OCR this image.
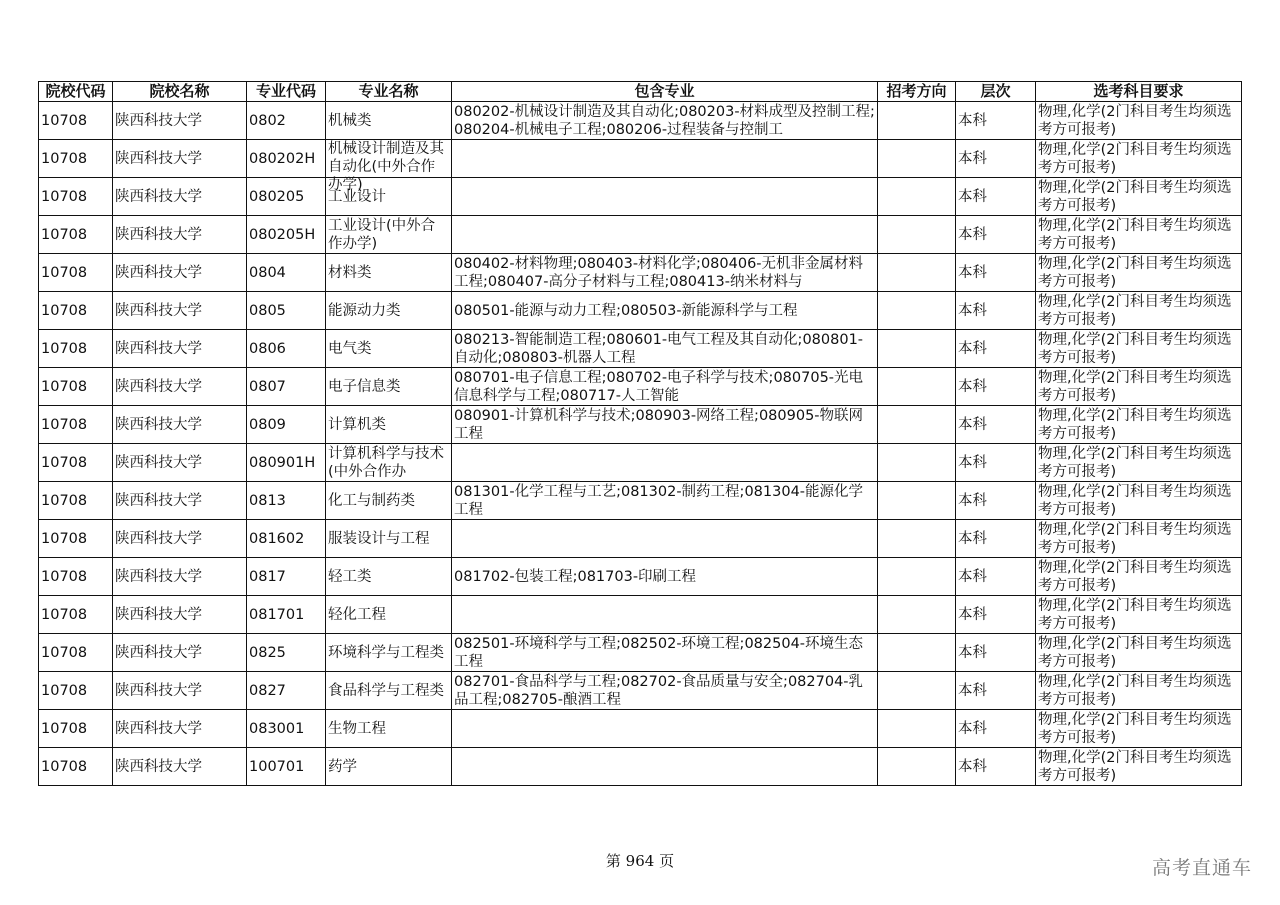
院校代码	院校名称	专业代码	专业名称	包含专业	招考方向	层次	选考科目要求

10708	陕西科技大学	0802	机械类	080202-机械设计制造及其自动化;080203-材料成型及控制工程;080204-机械电子工程;080206-过程装备与控制工		本科	物理,化学(2门科目考生均须选考方可报考)

10708	陕西科技大学	080202H	机械设计制造及其自动化(中外合作办学)			本科	物理,化学(2门科目考生均须选考方可报考)

10708	陕西科技大学	080205	工业设计			本科	物理,化学(2门科目考生均须选考方可报考)

10708	陕西科技大学	080205H	工业设计(中外合作办学)			本科	物理,化学(2门科目考生均须选考方可报考)

10708	陕西科技大学	0804	材料类	080402-材料物理;080403-材料化学;080406-无机非金属材料工程;080407-高分子材料与工程;080413-纳米材料与		本科	物理,化学(2门科目考生均须选考方可报考)

10708	陕西科技大学	0805	能源动力类	080501-能源与动力工程;080503-新能源科学与工程		本科	物理,化学(2门科目考生均须选考方可报考)

10708	陕西科技大学	0806	电气类	080213-智能制造工程;080601-电气工程及其自动化;080801-自动化;080803-机器人工程		本科	物理,化学(2门科目考生均须选考方可报考)

10708	陕西科技大学	0807	电子信息类	080701-电子信息工程;080702-电子科学与技术;080705-光电信息科学与工程;080717-人工智能		本科	物理,化学(2门科目考生均须选考方可报考)

10708	陕西科技大学	0809	计算机类	080901-计算机科学与技术;080903-网络工程;080905-物联网工程		本科	物理,化学(2门科目考生均须选考方可报考)

10708	陕西科技大学	080901H	计算机科学与技术(中外合作办			本科	物理,化学(2门科目考生均须选考方可报考)

10708	陕西科技大学	0813	化工与制药类	081301-化学工程与工艺;081302-制药工程;081304-能源化学工程		本科	物理,化学(2门科目考生均须选考方可报考)

10708	陕西科技大学	081602	服装设计与工程			本科	物理,化学(2门科目考生均须选考方可报考)

10708	陕西科技大学	0817	轻工类	081702-包装工程;081703-印刷工程		本科	物理,化学(2门科目考生均须选考方可报考)

10708	陕西科技大学	081701	轻化工程			本科	物理,化学(2门科目考生均须选考方可报考)

10708	陕西科技大学	0825	环境科学与工程类	082501-环境科学与工程;082502-环境工程;082504-环境生态工程		本科	物理,化学(2门科目考生均须选考方可报考)

10708	陕西科技大学	0827	食品科学与工程类	082701-食品科学与工程;082702-食品质量与安全;082704-乳品工程;082705-酿酒工程		本科	物理,化学(2门科目考生均须选考方可报考)

10708	陕西科技大学	083001	生物工程			本科	物理,化学(2门科目考生均须选考方可报考)

10708	陕西科技大学	100701	药学			本科	物理,化学(2门科目考生均须选考方可报考)
第 964 页	高考直通车
